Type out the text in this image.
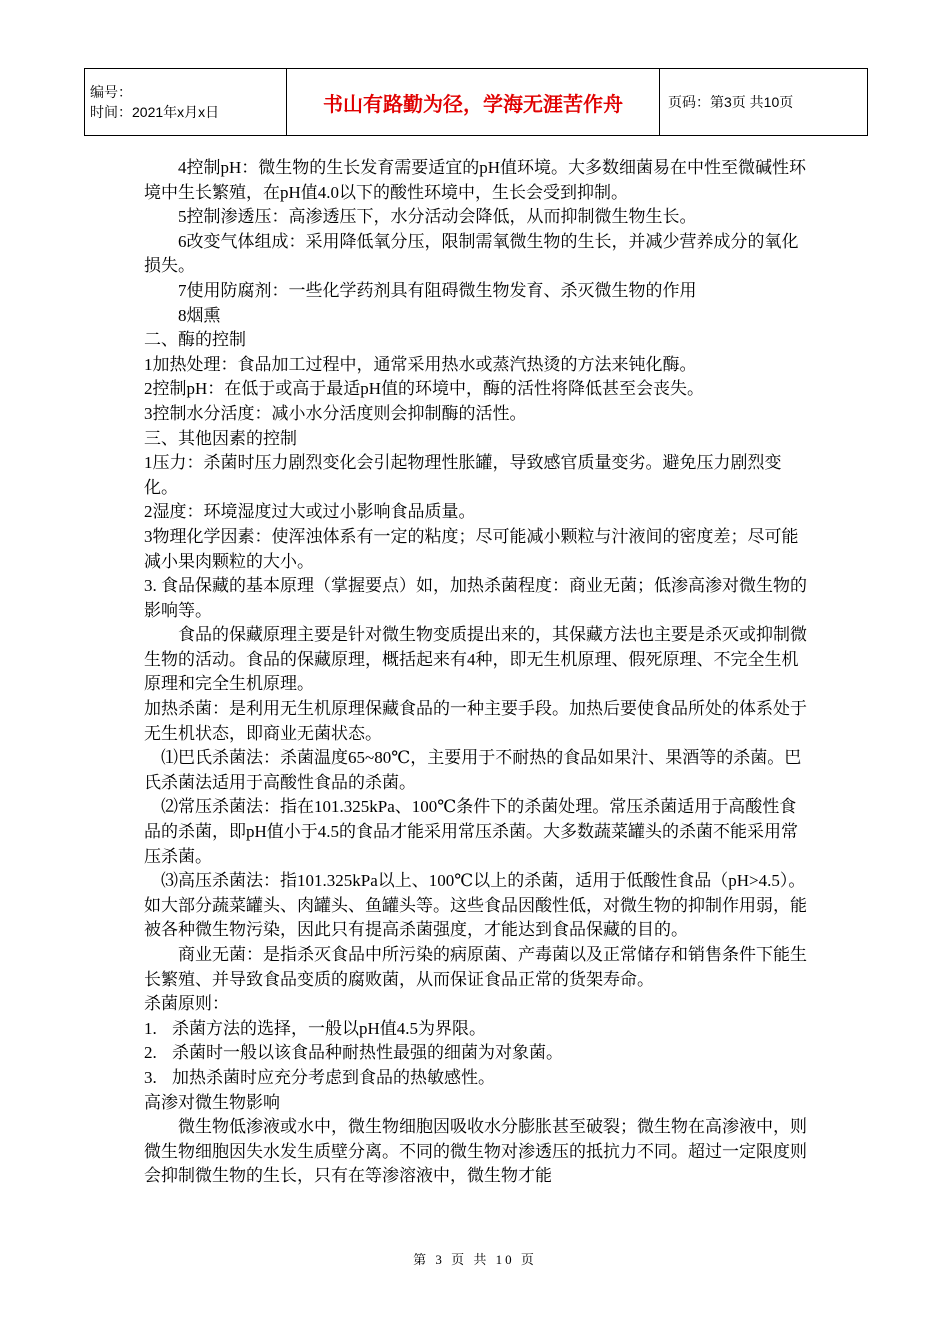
编号：
时间：2021年x月x日	书山有路勤为径，学海无涯苦作舟	页码：第3页 共10页

4控制pH：微生物的生长发育需要适宜的pH值环境。大多数细菌易在中性至微碱性环境中生长繁殖，在pH值4.0以下的酸性环境中，生长会受到抑制。

5控制渗透压：高渗透压下，水分活动会降低，从而抑制微生物生长。

6改变气体组成：采用降低氧分压，限制需氧微生物的生长，并减少营养成分的氧化损失。

7使用防腐剂：一些化学药剂具有阻碍微生物发育、杀灭微生物的作用

8烟熏

二、酶的控制

1加热处理：食品加工过程中，通常采用热水或蒸汽热烫的方法来钝化酶。

2控制pH：在低于或高于最适pH值的环境中，酶的活性将降低甚至会丧失。

3控制水分活度：减小水分活度则会抑制酶的活性。

三、其他因素的控制

1压力：杀菌时压力剧烈变化会引起物理性胀罐，导致感官质量变劣。避免压力剧烈变化。

2湿度：环境湿度过大或过小影响食品质量。

3物理化学因素：使浑浊体系有一定的粘度；尽可能减小颗粒与汁液间的密度差；尽可能减小果肉颗粒的大小。

3. 食品保藏的基本原理（掌握要点）如，加热杀菌程度：商业无菌；低渗高渗对微生物的影响等。

食品的保藏原理主要是针对微生物变质提出来的，其保藏方法也主要是杀灭或抑制微生物的活动。食品的保藏原理，概括起来有4种，即无生机原理、假死原理、不完全生机原理和完全生机原理。

加热杀菌：是利用无生机原理保藏食品的一种主要手段。加热后要使食品所处的体系处于无生机状态，即商业无菌状态。

⑴巴氏杀菌法：杀菌温度65~80℃，主要用于不耐热的食品如果汁、果酒等的杀菌。巴氏杀菌法适用于高酸性食品的杀菌。

⑵常压杀菌法：指在101.325kPa、100℃条件下的杀菌处理。常压杀菌适用于高酸性食品的杀菌，即pH值小于4.5的食品才能采用常压杀菌。大多数蔬菜罐头的杀菌不能采用常压杀菌。

⑶高压杀菌法：指101.325kPa以上、100℃以上的杀菌，适用于低酸性食品（pH>4.5）。如大部分蔬菜罐头、肉罐头、鱼罐头等。这些食品因酸性低，对微生物的抑制作用弱，能被各种微生物污染，因此只有提高杀菌强度，才能达到食品保藏的目的。

商业无菌：是指杀灭食品中所污染的病原菌、产毒菌以及正常储存和销售条件下能生长繁殖、并导致食品变质的腐败菌，从而保证食品正常的货架寿命。

杀菌原则：

1. 杀菌方法的选择，一般以pH值4.5为界限。

2. 杀菌时一般以该食品种耐热性最强的细菌为对象菌。

3. 加热杀菌时应充分考虑到食品的热敏感性。

高渗对微生物影响

微生物低渗液或水中，微生物细胞因吸收水分膨胀甚至破裂；微生物在高渗液中，则微生物细胞因失水发生质壁分离。不同的微生物对渗透压的抵抗力不同。超过一定限度则会抑制微生物的生长，只有在等渗溶液中，微生物才能

第 3 页 共 10 页
